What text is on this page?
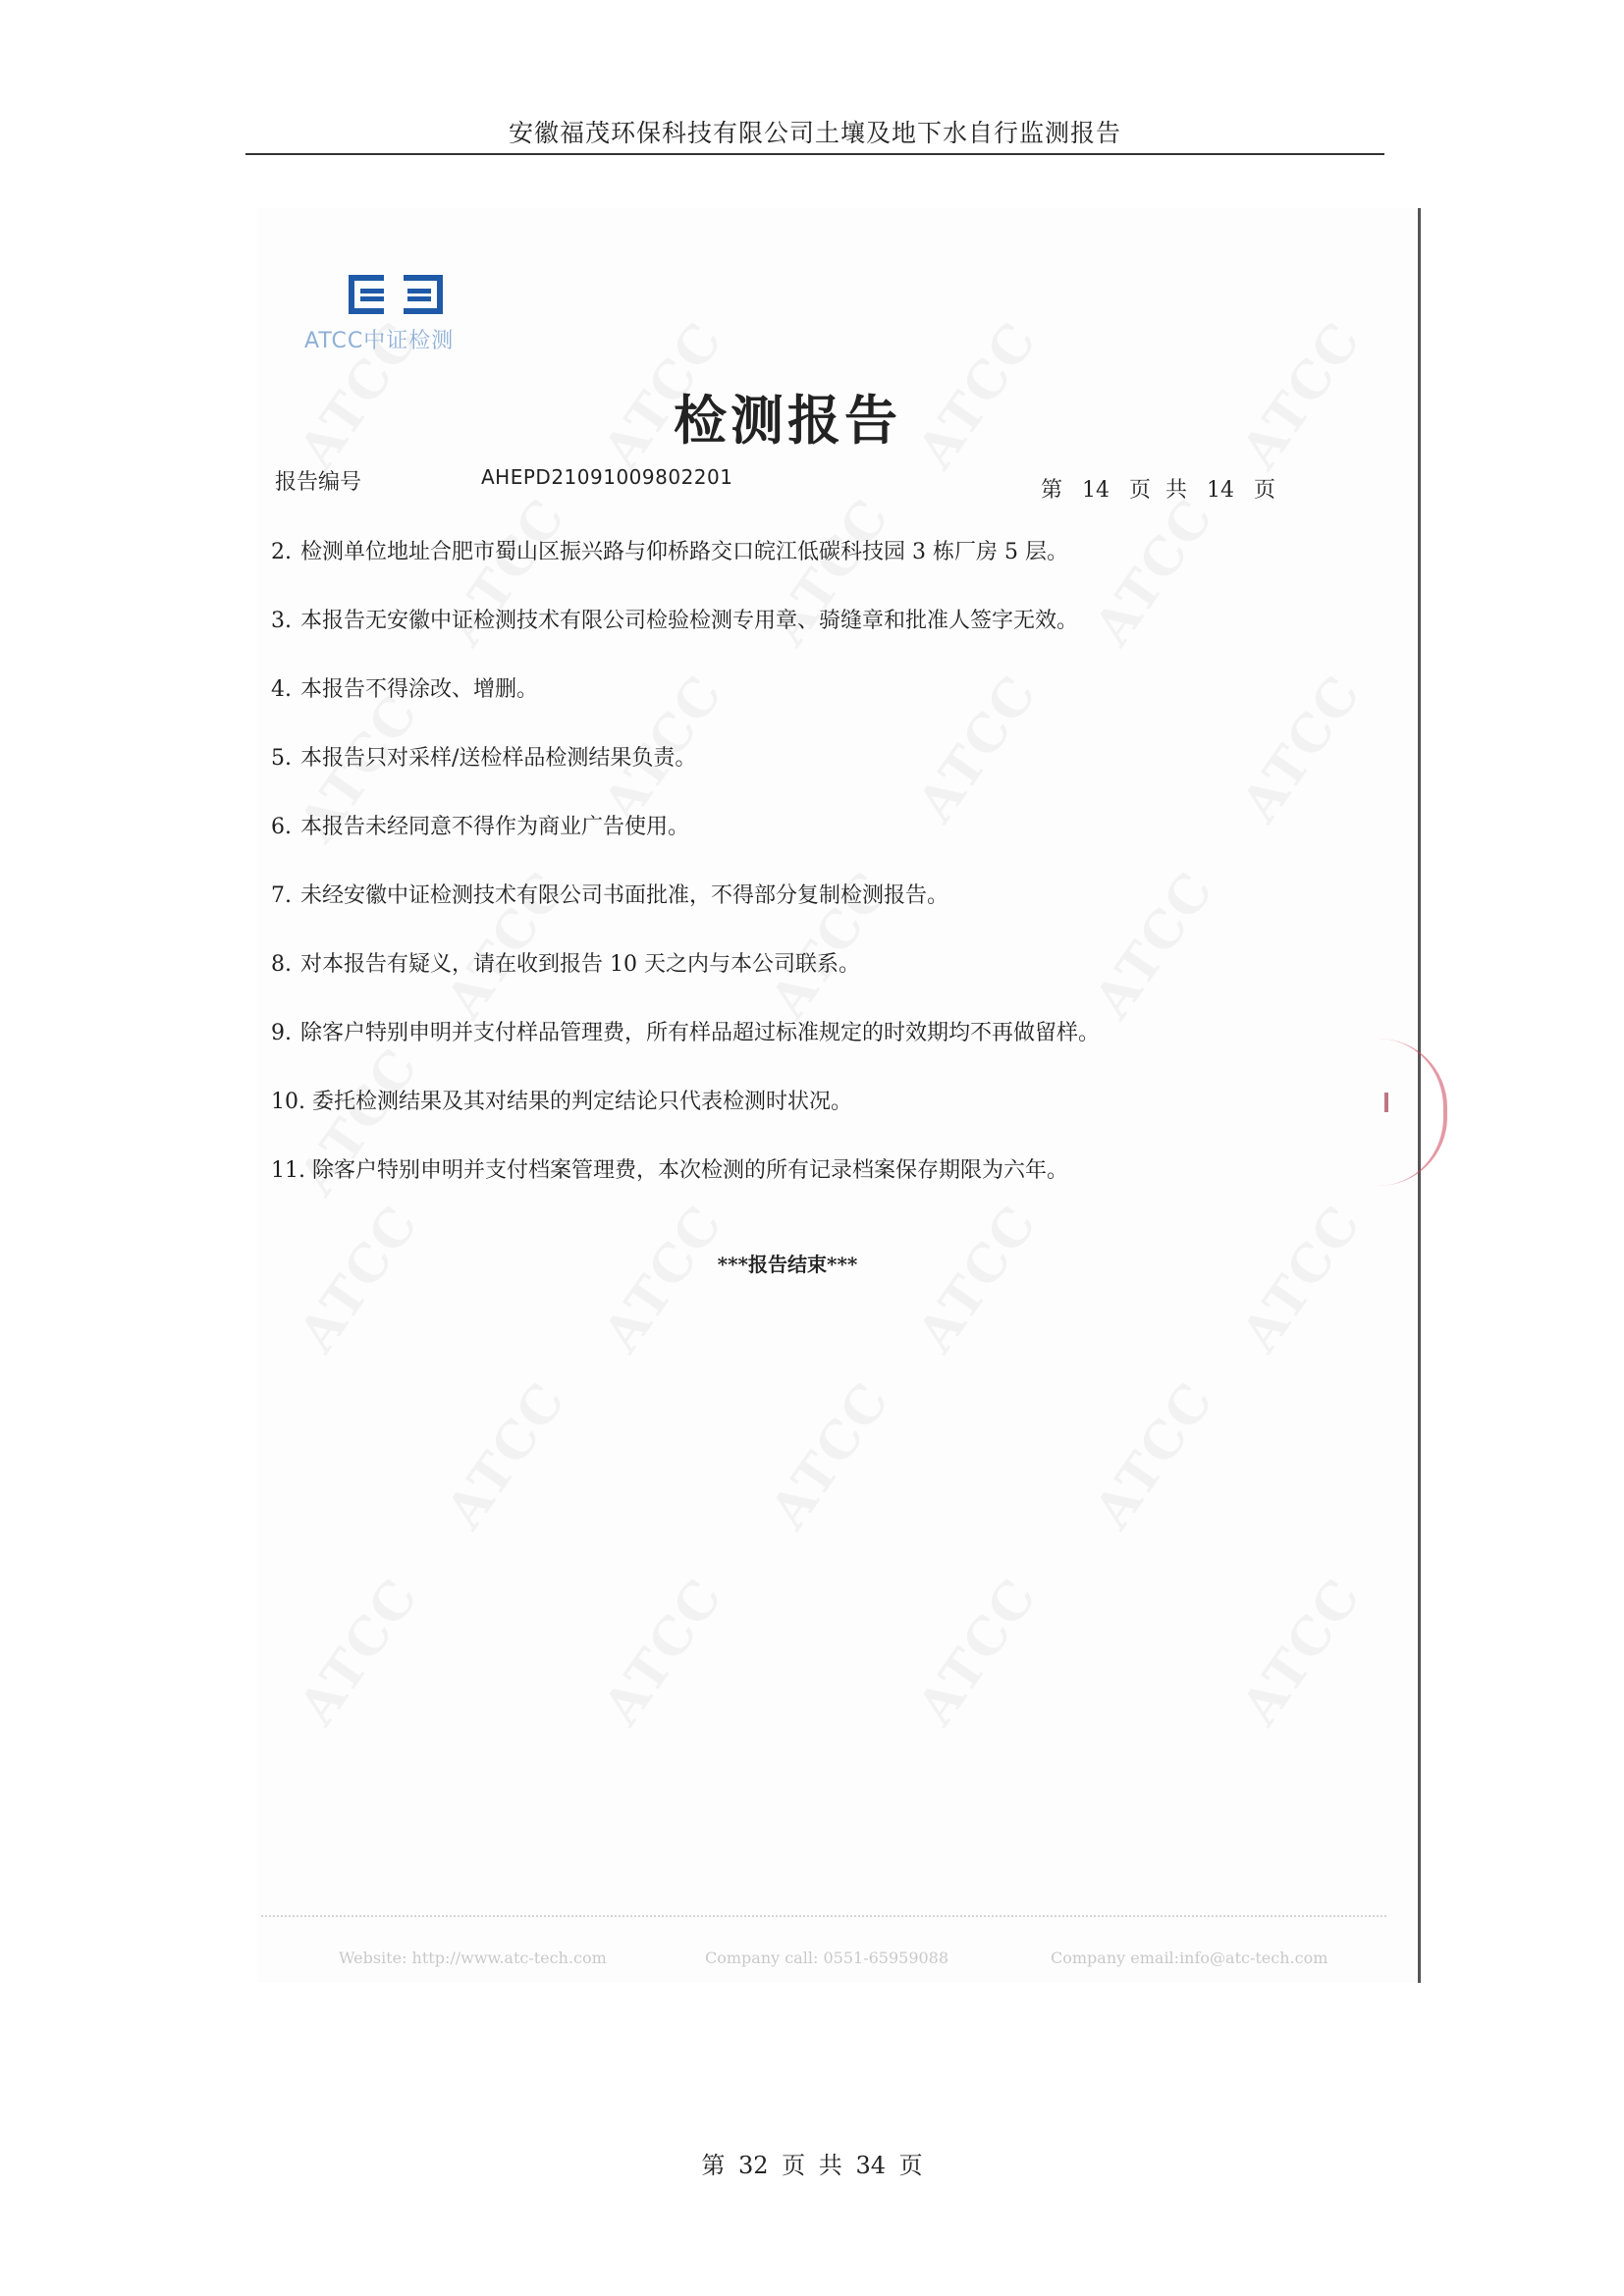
安徽福茂环保科技有限公司土壤及地下水自行监测报告
ATCC中证检测
检测报告
报告编号	AHEPD21091009802201
第 14 页 共 14 页
2. 检测单位地址合肥市蜀山区振兴路与仰桥路交口皖江低碳科技园 3 栋厂房 5 层。
3. 本报告无安徽中证检测技术有限公司检验检测专用章、骑缝章和批准人签字无效。
4. 本报告不得涂改、增删。
5. 本报告只对采样/送检样品检测结果负责。
6. 本报告未经同意不得作为商业广告使用。
7. 未经安徽中证检测技术有限公司书面批准，不得部分复制检测报告。
8. 对本报告有疑义，请在收到报告 10 天之内与本公司联系。
9. 除客户特别申明并支付样品管理费，所有样品超过标准规定的时效期均不再做留样。
10. 委托检测结果及其对结果的判定结论只代表检测时状况。
11. 除客户特别申明并支付档案管理费，本次检测的所有记录档案保存期限为六年。
***报告结束***
Website: http://www.atc-tech.com	Company call: 0551-65959088	Company email:info@atc-tech.com
第 32 页 共 34 页
